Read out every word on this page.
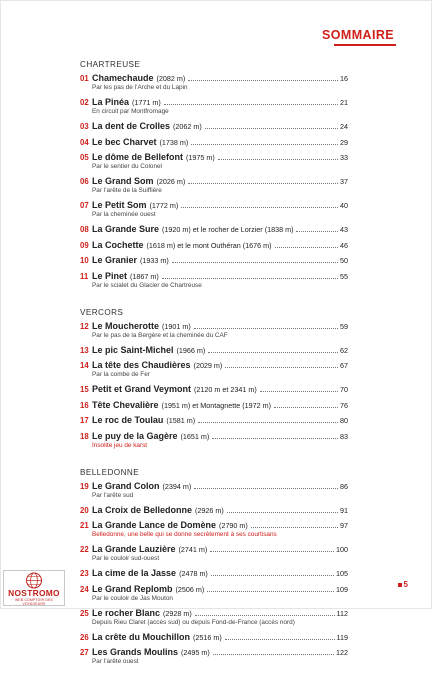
SOMMAIRE
CHARTREUSE
01 Chamechaude (2082 m)	16
Par les pas de l’Arche et du Lapin
02 La Pinéa (1771 m)	21
En circuit par Montfromage
03 La dent de Crolles (2062 m)	24
04 Le bec Charvet (1738 m)	29
05 Le dôme de Bellefont (1975 m)	33
Par le sentier du Colonel
06 Le Grand Som (2026 m)	37
Par l’arête de la Suiffière
07 Le Petit Som (1772 m)	40
Par la cheminée ouest
08 La Grande Sure (1920 m) et le rocher de Lorzier (1838 m)	43
09 La Cochette (1618 m) et le mont Outhéran (1676 m)	46
10 Le Granier (1933 m)	50
11 Le Pinet (1867 m)	55
Par le scialet du Glacier de Chartreuse
VERCORS
12 Le Moucherotte (1901 m)	59
Par le pas de la Bergère et la cheminée du CAF
13 Le pic Saint-Michel (1966 m)	62
14 La tête des Chaudières (2029 m)	67
Par la combe de Fer
15 Petit et Grand Veymont (2120 m et 2341 m)	70
16 Tête Chevalière (1951 m) et Montagnette (1972 m)	76
17 Le roc de Toulau (1581 m)	80
18 Le puy de la Gagère (1651 m)	83
Insolite jeu de karst
BELLEDONNE
19 Le Grand Colon (2394 m)	86
Par l’arête sud
20 La Croix de Belledonne (2926 m)	91
21 La Grande Lance de Domène (2790 m)	97
Belledonne, une belle qui se donne secrètement à ses courtisans
22 La Grande Lauzière (2741 m)	100
Par le couloir sud-ouest
23 La cime de la Jasse (2478 m)	105
24 Le Grand Replomb (2506 m)	109
Par le couloir de Jas Mouton
25 Le rocher Blanc (2928 m)	112
Depuis Rieu Claret (accès sud) ou depuis Fond-de-France (accès nord)
26 La crête du Mouchillon (2516 m)	119
27 Les Grands Moulins (2495 m)	122
Par l’arête ouest
5
NOSTROMO
WEB COMPTOIR DES VOYAGEURS
